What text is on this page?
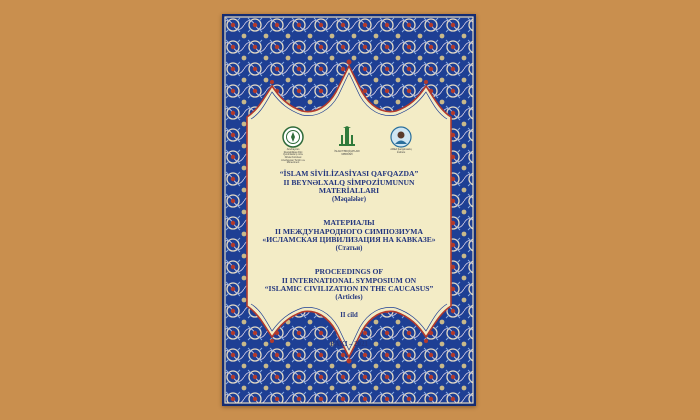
Azərbaycan Respublikası Dini Qurumlarla İş üzrə Dövlət Komitəsi Azərbaycan Turizm və Menecment
İSLAM TƏDQİQATLARI MƏRKƏZİ
AMEA Şərqşünaslıq İnstitutu
“İSLAM SİVİLİZASİYASI QAFQAZDA”
II BEYNƏLXALQ SİMPOZİUMUNUN
MATERİALLARI
(Məqalələr)
МАТЕРИАЛЫ
II МЕЖДУНАРОДНОГО СИМПОЗИУМА
«ИСЛАМСКАЯ ЦИВИЛИЗАЦИЯ НА КАВКАЗЕ»
(Статьи)
PROCEEDINGS OF
II INTERNATIONAL SYMPOSIUM ON
“ISLAMIC CIVILIZATION IN THE CAUCASUS”
(Articles)
II cild
BAKI – 2021
